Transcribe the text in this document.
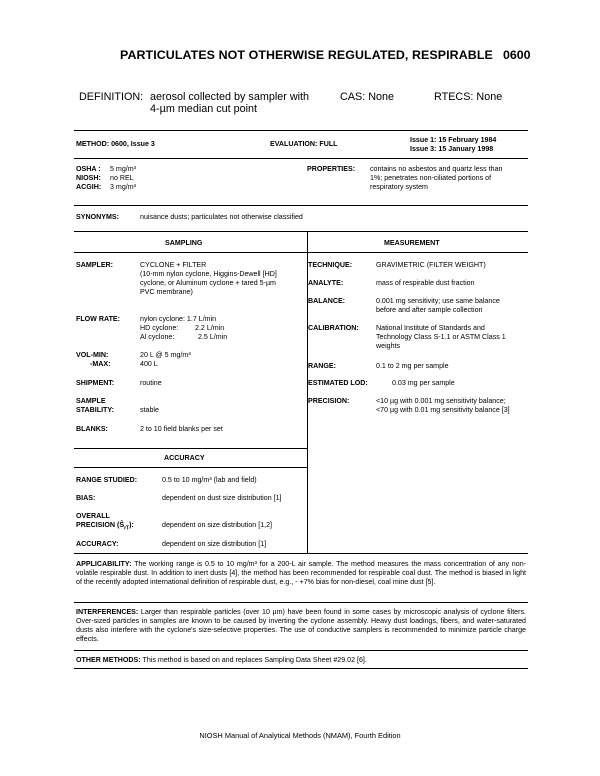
PARTICULATES NOT OTHERWISE REGULATED, RESPIRABLE 0600
DEFINITION: aerosol collected by sampler with
4-µm median cut point
CAS: None	RTECS: None
METHOD: 0600, Issue 3	EVALUATION: FULL	Issue 1: 15 February 1984
Issue 3: 15 January 1998
OSHA : 5 mg/m³
NIOSH: no REL
ACGIH: 3 mg/m³
PROPERTIES: contains no asbestos and quartz less than
1%; penetrates non-ciliated portions of
respiratory system
SYNONYMS:	nuisance dusts; particulates not otherwise classified
SAMPLING	MEASUREMENT
SAMPLER:	CYCLONE + FILTER
(10-mm nylon cyclone, Higgins-Dewell [HD]
cyclone, or Aluminum cyclone + tared 5-µm
PVC membrane)
FLOW RATE:	nylon cyclone: 1.7 L/min
HD cyclone: 2.2 L/min
Al cyclone:	2.5 L/min
VOL-MIN:	20 L @ 5 mg/m³
-MAX:	400 L
SHIPMENT:	routine
SAMPLE
STABILITY:	stable
BLANKS:	2 to 10 field blanks per set
TECHNIQUE:	GRAVIMETRIC (FILTER WEIGHT)
ANALYTE:	mass of respirable dust fraction
BALANCE:	0.001 mg sensitivity; use same balance
before and after sample collection
CALIBRATION: National Institute of Standards and
Technology Class S-1.1 or ASTM Class 1
weights
RANGE:	0.1 to 2 mg per sample
ESTIMATED LOD:	0.03 mg per sample
PRECISION:	<10 µg with 0.001 mg sensitivity balance;
<70 µg with 0.01 mg sensitivity balance [3]
ACCURACY
RANGE STUDIED:	0.5 to 10 mg/m³ (lab and field)
BIAS:	dependent on dust size distribution [1]
OVERALL
PRECISION $(Ŝ_{rT})$:	dependent on size distribution [1,2]
ACCURACY:	dependent on size distribution [1]
APPLICABILITY: The working range is 0.5 to 10 mg/m³ for a 200-L air sample. The method measures the mass concentration of any non-volatile respirable dust. In addition to inert dusts [4], the method has been recommended for respirable coal dust. The method is biased in light of the recently adopted international definition of respirable dust, e.g., - +7% bias for non-diesel, coal mine dust [5].
INTERFERENCES: Larger than respirable particles (over 10 µm) have been found in some cases by microscopic analysis of cyclone filters. Over-sized particles in samples are known to be caused by inverting the cyclone assembly. Heavy dust loadings, fibers, and water-saturated dusts also interfere with the cyclone's size-selective properties. The use of conductive samplers is recommended to minimize particle charge effects.
OTHER METHODS: This method is based on and replaces Sampling Data Sheet #29.02 [6].
NIOSH Manual of Analytical Methods (NMAM), Fourth Edition
